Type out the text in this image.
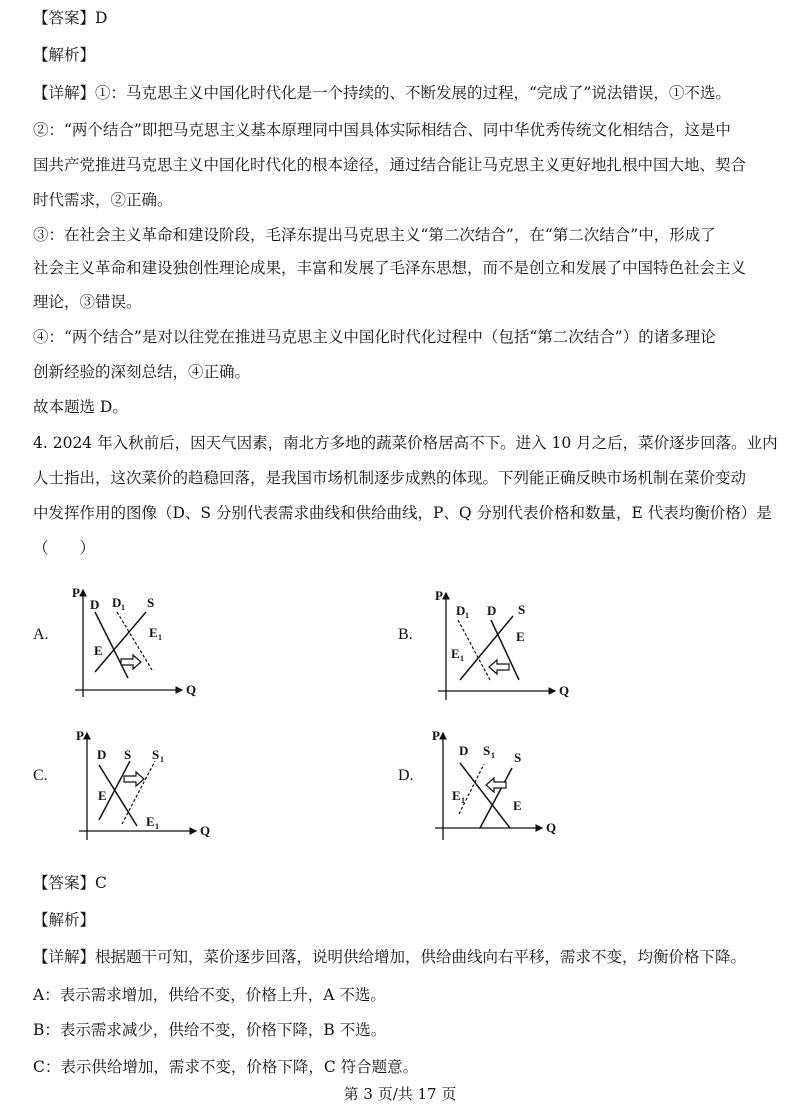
【答案】D
【解析】
【详解】①：马克思主义中国化时代化是一个持续的、不断发展的过程，“完成了”说法错误，①不选。
②：“两个结合”即把马克思主义基本原理同中国具体实际相结合、同中华优秀传统文化相结合，这是中
国共产党推进马克思主义中国化时代化的根本途径，通过结合能让马克思主义更好地扎根中国大地、契合
时代需求，②正确。
③：在社会主义革命和建设阶段，毛泽东提出马克思主义“第二次结合”，在“第二次结合”中，形成了
社会主义革命和建设独创性理论成果，丰富和发展了毛泽东思想，而不是创立和发展了中国特色社会主义
理论，③错误。
④：“两个结合”是对以往党在推进马克思主义中国化时代化过程中（包括“第二次结合”）的诸多理论
创新经验的深刻总结，④正确。
故本题选 D。
4. 2024 年入秋前后，因天气因素，南北方多地的蔬菜价格居高不下。进入 10 月之后，菜价逐步回落。业内
人士指出，这次菜价的趋稳回落，是我国市场机制逐步成熟的体现。下列能正确反映市场机制在菜价变动
中发挥作用的图像（D、S 分别代表需求曲线和供给曲线，P、Q 分别代表价格和数量，E 代表均衡价格）是
（　　）
A.
P
Q
D D 1 S
E 1
E
B.
P
Q
D 1 D S
E
E 1
C.
P
Q
D S S 1
E
E 1
D.
P
Q
D S 1 S
E 1	E
【答案】C
【解析】
【详解】根据题干可知，菜价逐步回落，说明供给增加，供给曲线向右平移，需求不变，均衡价格下降。
A：表示需求增加，供给不变，价格上升，A 不选。
B：表示需求减少，供给不变，价格下降，B 不选。
C：表示供给增加，需求不变，价格下降，C 符合题意。
第 3 页/共 17 页
